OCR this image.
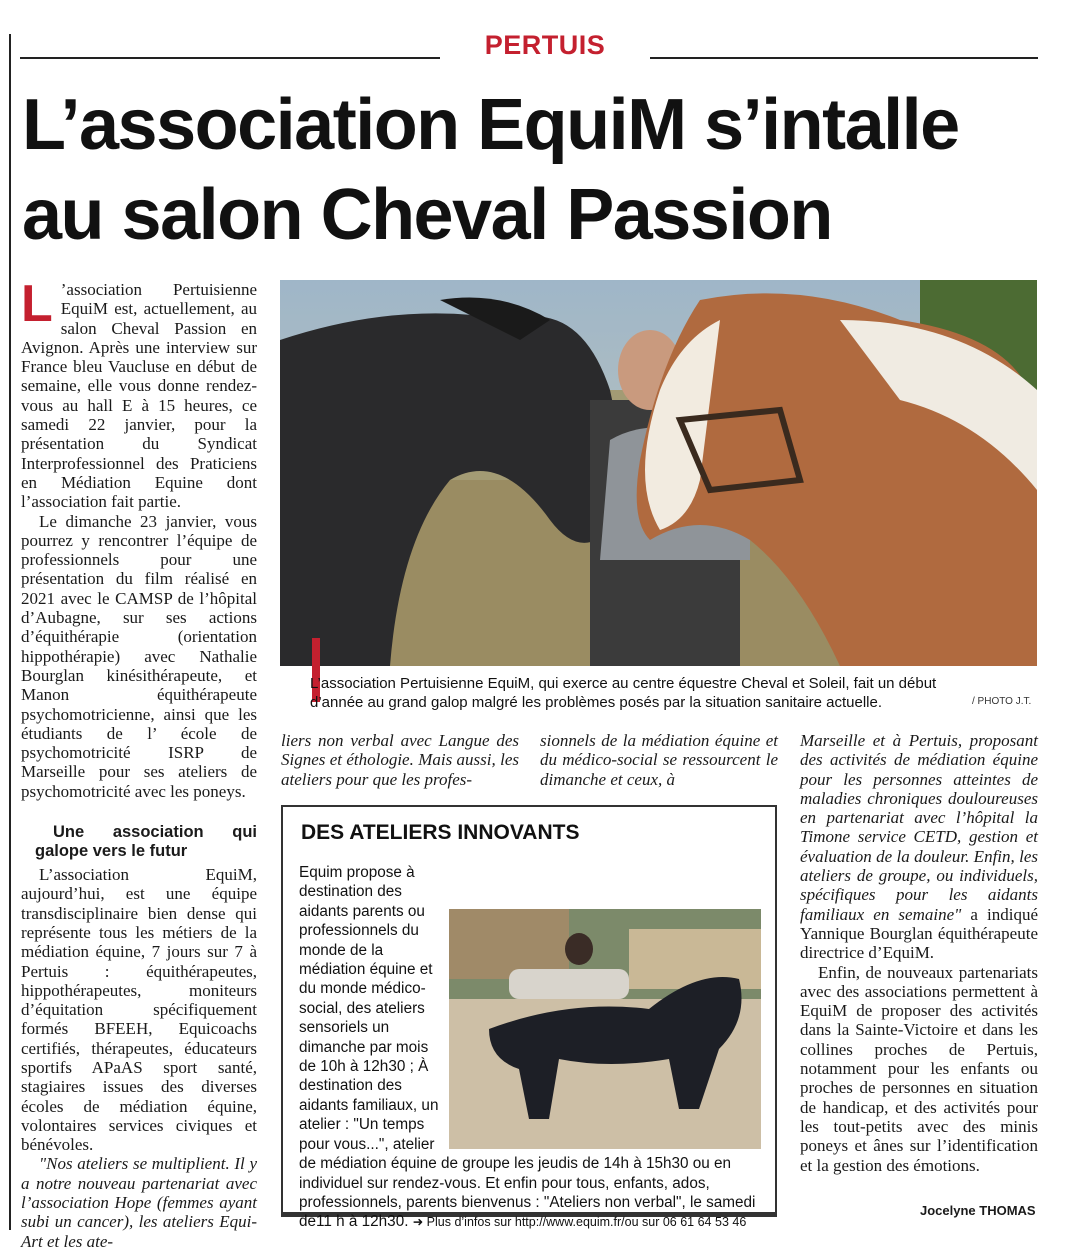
PERTUIS
L’association EquiM s’intalle
au salon Cheval Passion

L ’association Pertuisienne EquiM est, actuellement, au salon Cheval Passion en Avignon. Après une interview sur France bleu Vaucluse en début de semaine, elle vous donne rendez-vous au hall E à 15 heures, ce samedi 22 janvier, pour la présentation du Syndicat Interprofessionnel des Praticiens en Médiation Equine dont l’association fait partie.

Le dimanche 23 janvier, vous pourrez y rencontrer l’équipe de professionnels pour une présentation du film réalisé en 2021 avec le CAMSP de l’hôpital d’Aubagne, sur ses actions d’équithérapie (orientation hippothérapie) avec Nathalie Bourglan kinésithérapeute, et Manon équithérapeute psychomotricienne, ainsi que les étudiants de l’ école de psychomotricité ISRP de Marseille pour ses ateliers de psychomotricité avec les poneys.

Une association qui galope vers le futur

L’association EquiM, aujourd’hui, est une équipe transdisciplinaire bien dense qui représente tous les métiers de la médiation équine, 7 jours sur 7 à Pertuis : équithérapeutes, hippothérapeutes, moniteurs d’équitation spécifiquement formés BFEEH, Equicoachs certifiés, thérapeutes, éducateurs sportifs APaAS sport santé, stagiaires issues des diverses écoles de médiation équine, volontaires services civiques et bénévoles.

"Nos ateliers se multiplient. Il y a notre nouveau partenariat avec l’association Hope (femmes ayant subi un cancer), les ateliers Equi-Art et les ate-

L’association Pertuisienne EquiM, qui exerce au centre équestre Cheval et Soleil, fait un début d’année au grand galop malgré les problèmes posés par la situation sanitaire actuelle.	/ PHOTO J.T.

liers non verbal avec Langue des Signes et éthologie. Mais aussi, les ateliers pour que les profes-

sionnels de la médiation équine et du médico-social se ressourcent le dimanche et ceux, à

Marseille et à Pertuis, proposant des activités de médiation équine pour les personnes atteintes de maladies chroniques douloureuses en partenariat avec l’hôpital la Timone service CETD, gestion et évaluation de la douleur. Enfin, les ateliers de groupe, ou individuels, spécifiques pour les aidants familiaux en semaine" a indiqué Yannique Bourglan équithérapeute directrice d’EquiM.

Enfin, de nouveaux partenariats avec des associations permettent à EquiM de proposer des activités dans la Sainte-Victoire et dans les collines proches de Pertuis, notamment pour les enfants ou proches de personnes en situation de handicap, et des activités pour les tout-petits avec des minis poneys et ânes sur l’identification et la gestion des émotions.

DES ATELIERS INNOVANTS
Equim propose à destination des aidants parents ou professionnels du monde de la médiation équine et du monde médico-social, des ateliers sensoriels un dimanche par mois de 10h à 12h30 ; À destination des aidants familiaux, un atelier : "Un temps pour vous...", atelier de médiation équine de groupe les jeudis de 14h à 15h30 ou en individuel sur rendez-vous. Et enfin pour tous, enfants, ados, professionnels, parents bienvenus : "Ateliers non verbal", le samedi de11 h à 12h30. ➜ Plus d’infos sur http://www.equim.fr/ou sur 06 61 64 53 46
Jocelyne THOMAS
